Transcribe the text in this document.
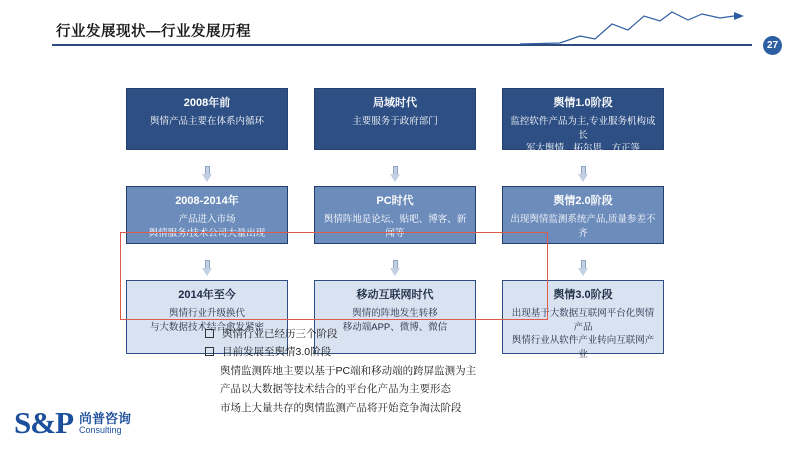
行业发展现状—行业发展历程
27
2008年前
舆情产品主要在体系内循环
局域时代
主要服务于政府部门
舆情1.0阶段
监控软件产品为主,专业服务机构成长
军大舆情、拓尔思、方正等
2008-2014年
产品进入市场
舆情服务/技术公司大量出现
PC时代
舆情阵地是论坛、贴吧、博客、新闻等
舆情2.0阶段
出现舆情监测系统产品,质量参差不齐
2014年至今
舆情行业升级换代
与大数据技术结合愈发紧密
移动互联网时代
舆情的阵地发生转移
移动端APP、微博、微信
舆情3.0阶段
出现基于大数据互联网平台化舆情产品
舆情行业从软件产业转向互联网产业
舆情行业已经历三个阶段
目前发展至舆情3.0阶段
舆情监测阵地主要以基于PC端和移动端的跨屏监测为主
产品以大数据等技术结合的平台化产品为主要形态
市场上大量共存的舆情监测产品将开始竞争淘汰阶段
S&P 尚普咨询
Consulting
